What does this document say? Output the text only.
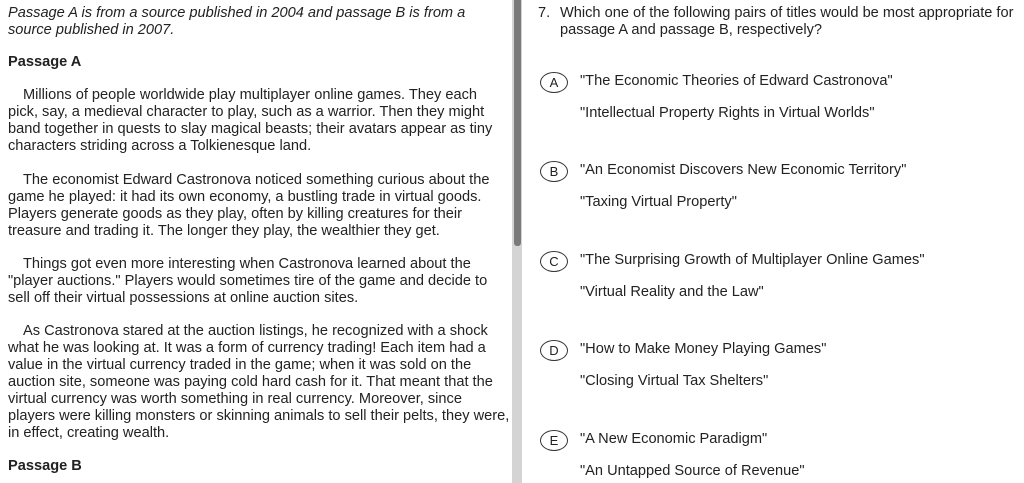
Passage A is from a source published in 2004 and passage B is from a source published in 2007.
Passage A
Millions of people worldwide play multiplayer online games. They each pick, say, a medieval character to play, such as a warrior. Then they might band together in quests to slay magical beasts; their avatars appear as tiny characters striding across a Tolkienesque land.
The economist Edward Castronova noticed something curious about the game he played: it had its own economy, a bustling trade in virtual goods. Players generate goods as they play, often by killing creatures for their treasure and trading it. The longer they play, the wealthier they get.
Things got even more interesting when Castronova learned about the "player auctions." Players would sometimes tire of the game and decide to sell off their virtual possessions at online auction sites.
As Castronova stared at the auction listings, he recognized with a shock what he was looking at. It was a form of currency trading! Each item had a value in the virtual currency traded in the game; when it was sold on the auction site, someone was paying cold hard cash for it. That meant that the virtual currency was worth something in real currency. Moreover, since players were killing monsters or skinning animals to sell their pelts, they were, in effect, creating wealth.
Passage B
7. Which one of the following pairs of titles would be most appropriate for passage A and passage B, respectively?
A	"The Economic Theories of Edward Castronova"
"Intellectual Property Rights in Virtual Worlds"
B	"An Economist Discovers New Economic Territory"
"Taxing Virtual Property"
C	"The Surprising Growth of Multiplayer Online Games"
"Virtual Reality and the Law"
D	"How to Make Money Playing Games"
"Closing Virtual Tax Shelters"
E	"A New Economic Paradigm"
"An Untapped Source of Revenue"
